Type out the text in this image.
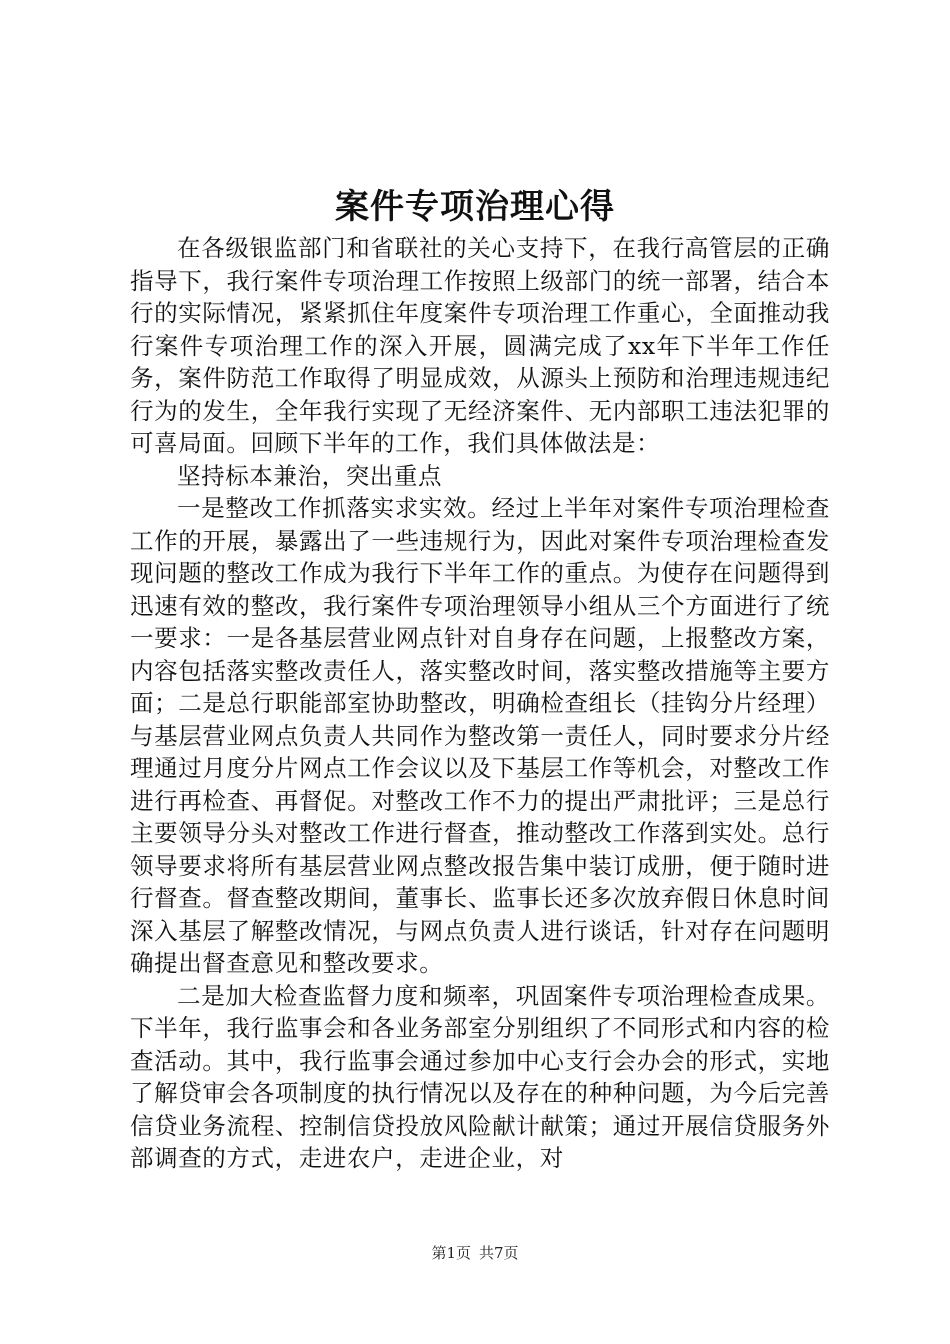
案件专项治理心得

在各级银监部门和省联社的关心支持下，在我行高管层的正确指导下，我行案件专项治理工作按照上级部门的统一部署，结合本行的实际情况，紧紧抓住年度案件专项治理工作重心，全面推动我行案件专项治理工作的深入开展，圆满完成了xx年下半年工作任务，案件防范工作取得了明显成效，从源头上预防和治理违规违纪行为的发生，全年我行实现了无经济案件、无内部职工违法犯罪的可喜局面。回顾下半年的工作，我们具体做法是：

坚持标本兼治，突出重点

一是整改工作抓落实求实效。经过上半年对案件专项治理检查工作的开展，暴露出了一些违规行为，因此对案件专项治理检查发现问题的整改工作成为我行下半年工作的重点。为使存在问题得到迅速有效的整改，我行案件专项治理领导小组从三个方面进行了统一要求：一是各基层营业网点针对自身存在问题，上报整改方案，内容包括落实整改责任人，落实整改时间，落实整改措施等主要方面；二是总行职能部室协助整改，明确检查组长（挂钩分片经理）与基层营业网点负责人共同作为整改第一责任人，同时要求分片经理通过月度分片网点工作会议以及下基层工作等机会，对整改工作进行再检查、再督促。对整改工作不力的提出严肃批评；三是总行主要领导分头对整改工作进行督查，推动整改工作落到实处。总行领导要求将所有基层营业网点整改报告集中装订成册，便于随时进行督查。督查整改期间，董事长、监事长还多次放弃假日休息时间深入基层了解整改情况，与网点负责人进行谈话，针对存在问题明确提出督查意见和整改要求。

二是加大检查监督力度和频率，巩固案件专项治理检查成果。下半年，我行监事会和各业务部室分别组织了不同形式和内容的检查活动。其中，我行监事会通过参加中心支行会办会的形式，实地了解贷审会各项制度的执行情况以及存在的种种问题，为今后完善信贷业务流程、控制信贷投放风险献计献策；通过开展信贷服务外部调查的方式，走进农户，走进企业，对

第1页 共7页
